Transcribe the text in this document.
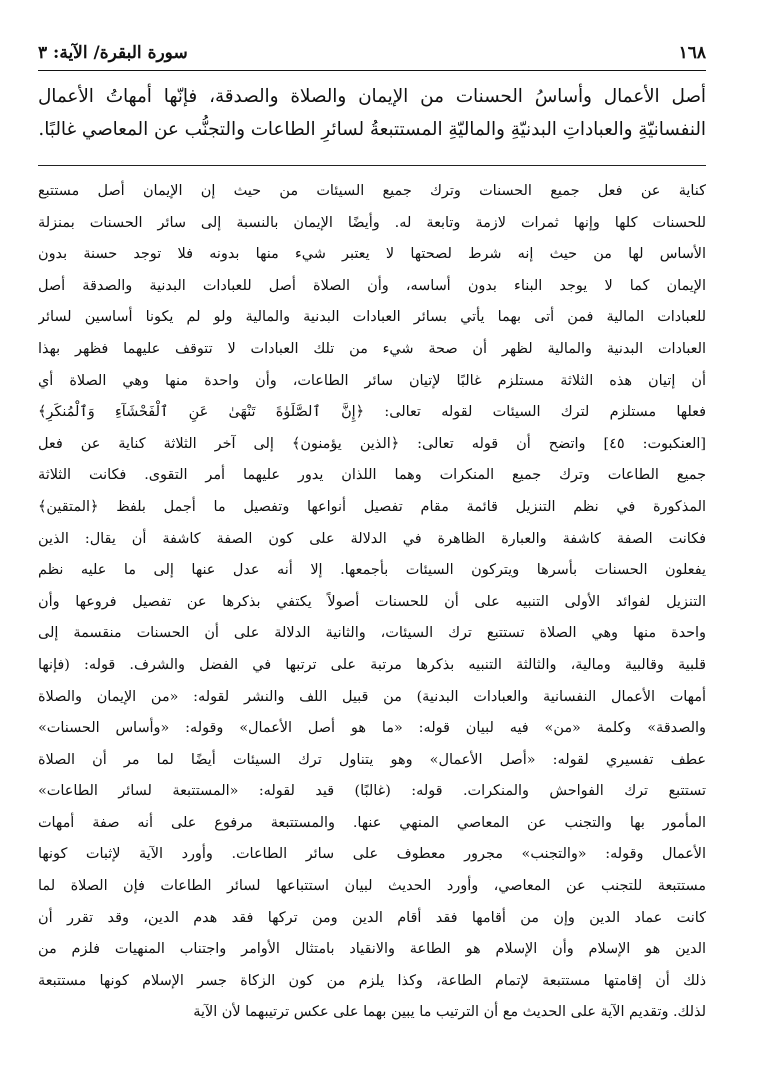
١٦٨
سورة البقرة/ الآية: ٣
أصل الأعمال وأساسُ الحسنات من الإيمان والصلاة والصدقة، فإنّها أمهاتُ الأعمال
النفسانيّةِ والعباداتِ البدنيّةِ والماليّةِ المستتبعةُ لسائرِ الطاعات والتجنُّب عن المعاصي غالبًا.
كناية عن فعل جميع الحسنات وترك جميع السيئات من حيث إن الإيمان أصل مستتبع
للحسنات كلها وإنها ثمرات لازمة وتابعة له. وأيضًا الإيمان بالنسبة إلى سائر الحسنات بمنزلة
الأساس لها من حيث إنه شرط لصحتها لا يعتبر شيء منها بدونه فلا توجد حسنة بدون
الإيمان كما لا يوجد البناء بدون أساسه، وأن الصلاة أصل للعبادات البدنية والصدقة أصل
للعبادات المالية فمن أتى بهما يأتي بسائر العبادات البدنية والمالية ولو لم يكونا أساسين لسائر
العبادات البدنية والمالية لظهر أن صحة شيء من تلك العبادات لا تتوقف عليهما فظهر بهذا
أن إتيان هذه الثلاثة مستلزم غالبًا لإتيان سائر الطاعات، وأن واحدة منها وهي الصلاة أي
فعلها مستلزم لترك السيئات لقوله تعالى: ﴿إِنَّ ٱلصَّلَوٰةَ تَنْهَىٰ عَنِ ٱلْفَحْشَآءِ وَٱلْمُنكَرِ﴾
[العنكبوت: ٤٥] واتضح أن قوله تعالى: ﴿الذين يؤمنون﴾ إلى آخر الثلاثة كناية عن فعل
جميع الطاعات وترك جميع المنكرات وهما اللذان يدور عليهما أمر التقوى. فكانت الثلاثة
المذكورة في نظم التنزيل قائمة مقام تفصيل أنواعها وتفصيل ما أجمل بلفظ ﴿المتقين﴾
فكانت الصفة كاشفة والعبارة الظاهرة في الدلالة على كون الصفة كاشفة أن يقال: الذين
يفعلون الحسنات بأسرها ويتركون السيئات بأجمعها. إلا أنه عدل عنها إلى ما عليه نظم
التنزيل لفوائد الأولى التنبيه على أن للحسنات أصولاً يكتفي بذكرها عن تفصيل فروعها وأن
واحدة منها وهي الصلاة تستتبع ترك السيئات، والثانية الدلالة على أن الحسنات منقسمة إلى
قلبية وقالبية ومالية، والثالثة التنبيه بذكرها مرتبة على ترتبها في الفضل والشرف. قوله: (فإنها
أمهات الأعمال النفسانية والعبادات البدنية) من قبيل اللف والنشر لقوله: «من الإيمان والصلاة
والصدقة» وكلمة «من» فيه لبيان قوله: «ما هو أصل الأعمال» وقوله: «وأساس الحسنات»
عطف تفسيري لقوله: «أصل الأعمال» وهو يتناول ترك السيئات أيضًا لما مر أن الصلاة
تستتبع ترك الفواحش والمنكرات. قوله: (غالبًا) قيد لقوله: «المستتبعة لسائر الطاعات»
المأمور بها والتجنب عن المعاصي المنهي عنها. والمستتبعة مرفوع على أنه صفة أمهات
الأعمال وقوله: «والتجنب» مجرور معطوف على سائر الطاعات. وأورد الآية لإثبات كونها
مستتبعة للتجنب عن المعاصي، وأورد الحديث لبيان استتباعها لسائر الطاعات فإن الصلاة لما
كانت عماد الدين وإن من أقامها فقد أقام الدين ومن تركها فقد هدم الدين، وقد تقرر أن
الدين هو الإسلام وأن الإسلام هو الطاعة والانقياد بامتثال الأوامر واجتناب المنهيات فلزم من
ذلك أن إقامتها مستتبعة لإتمام الطاعة، وكذا يلزم من كون الزكاة جسر الإسلام كونها مستتبعة
لذلك. وتقديم الآية على الحديث مع أن الترتيب ما يبين بهما على عكس ترتيبهما لأن الآية
